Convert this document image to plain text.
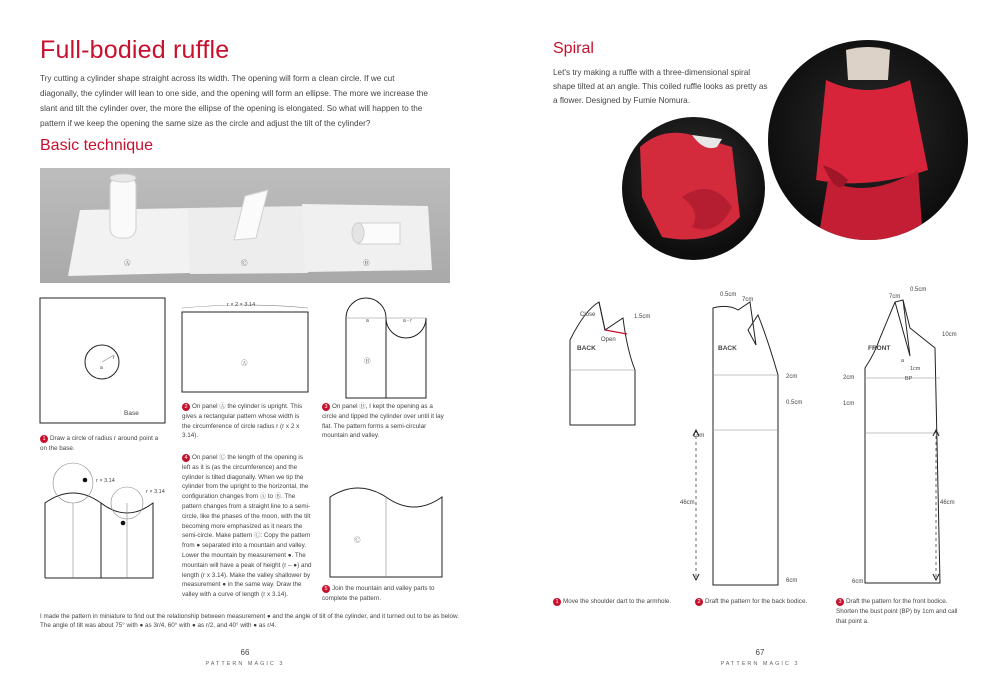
Full-bodied ruffle
Try cutting a cylinder shape straight across its width. The opening will form a clean circle. If we cut diagonally, the cylinder will lean to one side, and the opening will form an ellipse. The more we increase the slant and tilt the cylinder over, the more the ellipse of the opening is elongated. So what will happen to the pattern if we keep the opening the same size as the circle and adjust the tilt of the cylinder?
Basic technique
Ⓐ	Ⓒ	Ⓑ
a
r
Base
1 Draw a circle of radius r around point a on the base.
r × 2 × 3.14
Ⓐ
2 On panel Ⓐ the cylinder is upright. This gives a rectangular pattern whose width is the circumference of circle radius r (r x 2 x 3.14).
Ⓑ
a	a - r
3 On panel Ⓑ, I kept the opening as a circle and tipped the cylinder over until it lay flat. The pattern forms a semi-circular mountain and valley.
r × 3.14
r × 3.14
4 On panel Ⓒ the length of the opening is left as it is (as the circumference) and the cylinder is tilted diagonally. When we tip the cylinder from the upright to the horizontal, the configuration changes from Ⓐ to Ⓑ. The pattern changes from a straight line to a semi-circle, like the phases of the moon, with the tilt becoming more emphasized as it nears the semi-circle. Make pattern Ⓒ: Copy the pattern from ● separated into a mountain and valley. Lower the mountain by measurement ●. The mountain will have a peak of height (r – ●) and length (r x 3.14). Make the valley shallower by measurement ● in the same way. Draw the valley with a curve of length (r x 3.14).
Ⓒ
5 Join the mountain and valley parts to complete the pattern.
I made the pattern in miniature to find out the relationship between measurement ● and the angle of tilt of the cylinder, and it turned out to be as below.
The angle of tilt was about 75° with ● as 3r/4, 60° with ● as r/2, and 40° with ● as r/4.
66
PATTERN MAGIC 3
Spiral
Let's try making a ruffle with a three-dimensional spiral shape tilted at an angle. This coiled ruffle looks as pretty as a flower. Designed by Fumie Nomura.
Close
Open
BACK
1.5cm
BACK
0.5cm
7cm
2cm
0.5cm
1cm
46cm
6cm
FRONT
0.5cm
7cm
10cm
a
1cm
BP
2cm
1cm
46cm
6cm
1 Move the shoulder dart to the armhole.	2 Draft the pattern for the back bodice.	3 Draft the pattern for the front bodice. Shorten the bust point (BP) by 1cm and call that point a.
67
PATTERN MAGIC 3
